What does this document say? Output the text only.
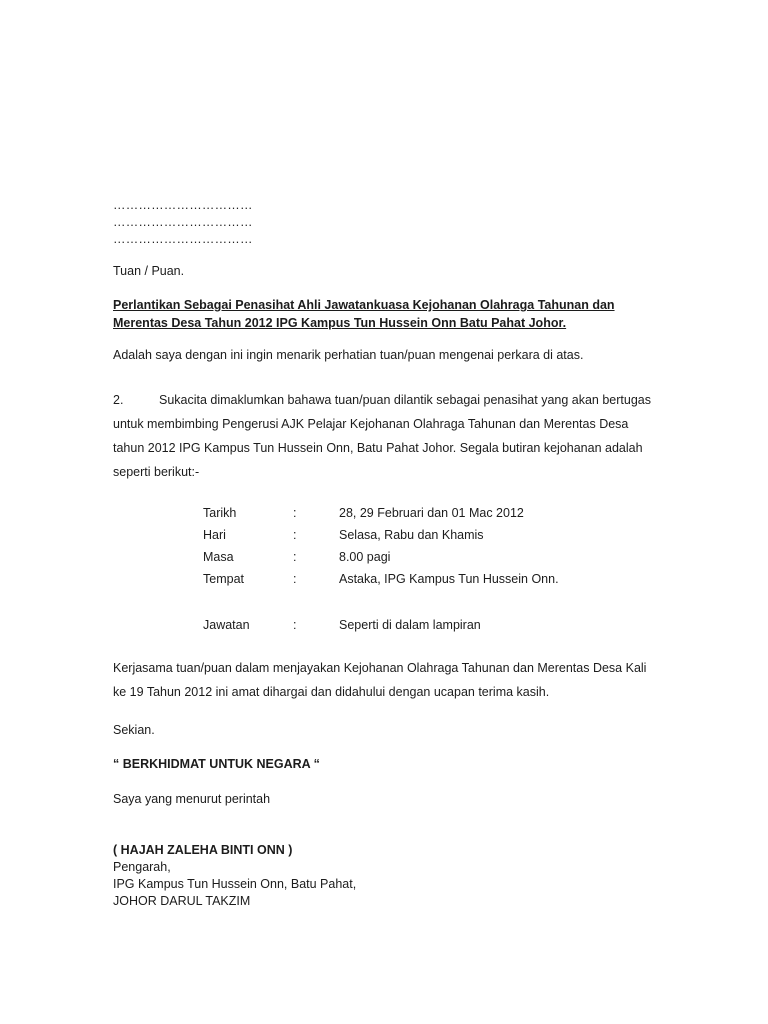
……………………………
……………………………
……………………………
Tuan / Puan.
Perlantikan Sebagai Penasihat Ahli Jawatankuasa Kejohanan Olahraga Tahunan dan
Merentas Desa Tahun 2012 IPG Kampus Tun Hussein Onn Batu Pahat Johor.
Adalah saya dengan ini ingin menarik perhatian tuan/puan mengenai perkara di atas.
2.	Sukacita dimaklumkan bahawa tuan/puan dilantik sebagai penasihat yang akan bertugas
untuk membimbing Pengerusi AJK Pelajar Kejohanan Olahraga Tahunan dan Merentas Desa
tahun 2012 IPG Kampus Tun Hussein Onn, Batu Pahat Johor. Segala butiran kejohanan adalah
seperti berikut:-
Tarikh	:	28, 29 Februari dan 01 Mac 2012
Hari	:	Selasa, Rabu dan Khamis
Masa	:	8.00 pagi
Tempat	:	Astaka, IPG Kampus Tun Hussein Onn.
Jawatan	:	Seperti di dalam lampiran
Kerjasama tuan/puan dalam menjayakan Kejohanan Olahraga Tahunan dan Merentas Desa Kali
ke 19 Tahun 2012 ini amat dihargai dan didahului dengan ucapan terima kasih.
Sekian.
“ BERKHIDMAT UNTUK NEGARA “
Saya yang menurut perintah
( HAJAH ZALEHA BINTI ONN )
Pengarah,
IPG Kampus Tun Hussein Onn, Batu Pahat,
JOHOR DARUL TAKZIM
